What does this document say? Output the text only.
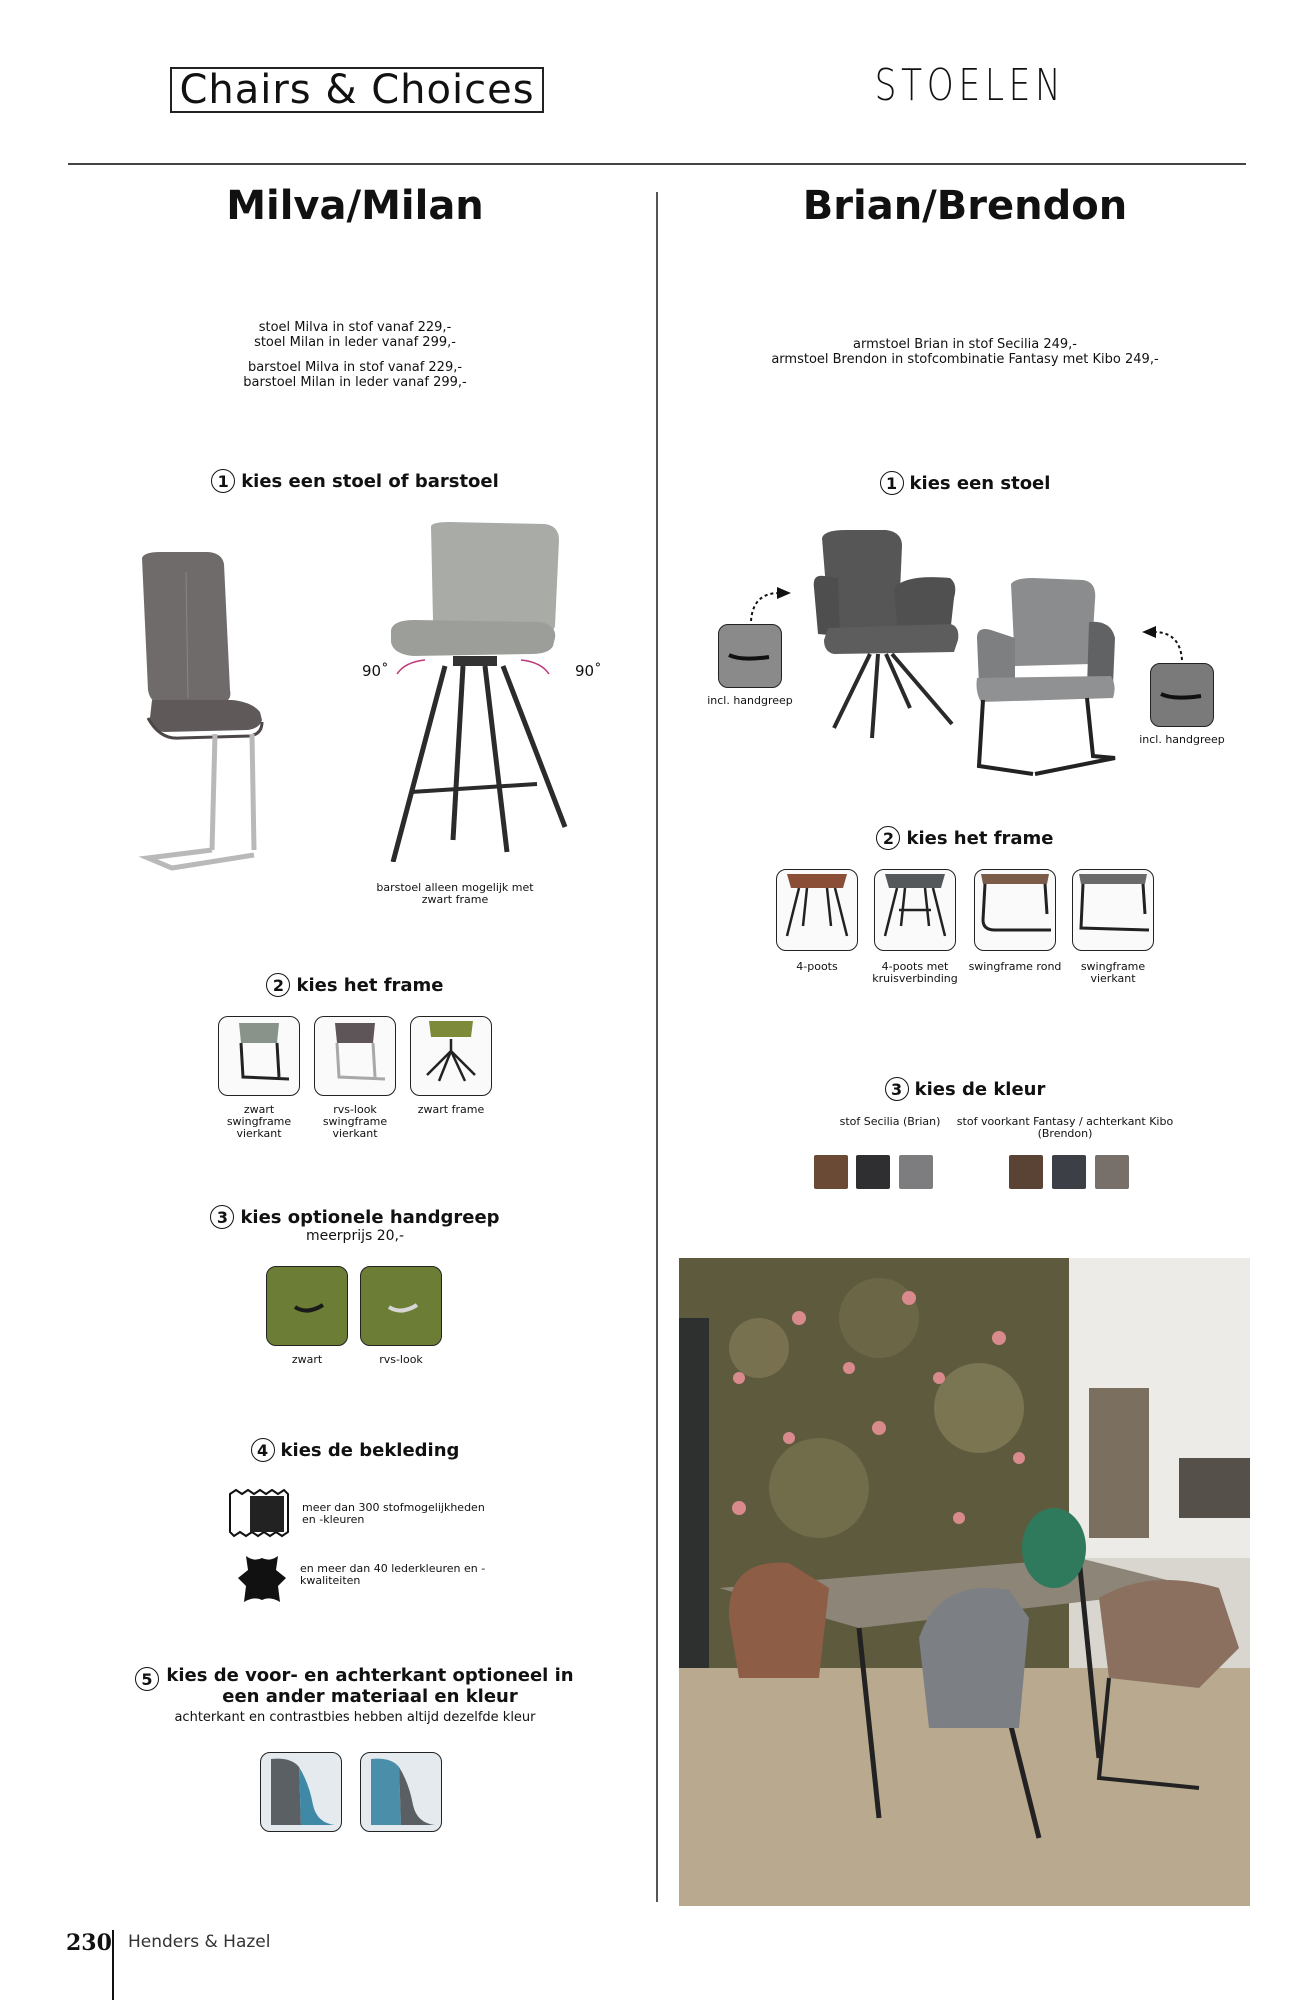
Chairs & Choices	STOELEN
Milva/Milan
stoel Milva in stof vanaf 229,-
stoel Milan in leder vanaf 299,-
barstoel Milva in stof vanaf 229,-
barstoel Milan in leder vanaf 299,-
1 kies een stoel of barstoel
90˚	90˚
barstoel alleen mogelijk met zwart frame
2 kies het frame
zwart swingframe vierkant
rvs-look swingframe vierkant
zwart frame
3 kies optionele handgreep
meerprijs 20,-
zwart	rvs-look
4 kies de bekleding
meer dan 300 stofmogelijkheden en -kleuren
en meer dan 40 lederkleuren en -kwaliteiten
5 kies de voor- en achterkant optioneel in een ander materiaal en kleur
achterkant en contrastbies hebben altijd dezelfde kleur
Brian/Brendon
armstoel Brian in stof Secilia 249,-
armstoel Brendon in stofcombinatie Fantasy met Kibo 249,-
1 kies een stoel
incl. handgreep
incl. handgreep
2 kies het frame
4-poots	4-poots met kruisverbinding
swingframe rond	swingframe vierkant
3 kies de kleur
stof Secilia (Brian)	stof voorkant Fantasy / achterkant Kibo (Brendon)
230 Henders & Hazel
